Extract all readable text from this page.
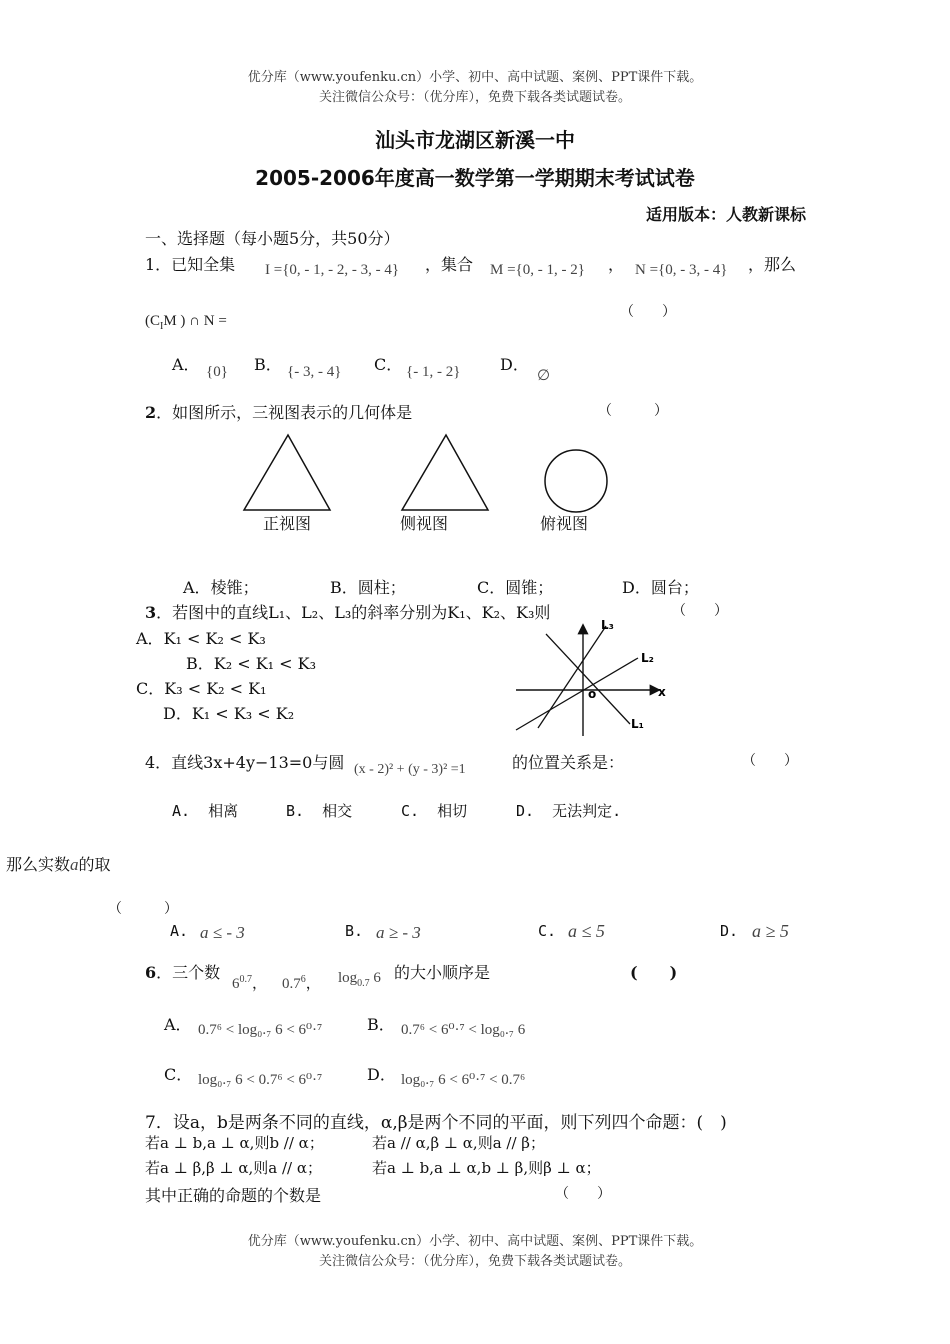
优分库（www.youfenku.cn）小学、初中、高中试题、案例、PPT课件下载。
关注微信公众号：（优分库），免费下载各类试题试卷。
汕头市龙湖区新溪一中
2005-2006年度高一数学第一学期期末考试试卷
适用版本：人教新课标
一、选择题（每小题5分，共50分）
1．已知全集 I ={0, - 1, - 2, - 3, - 4} ，集合 M ={0, - 1, - 2} ， N ={0, - 3, - 4} ，那么
($C_IM$ ) ∩ N =
（　　）
A． {0} B． {- 3, - 4} C． {- 1, - 2} D．
∅
2．如图所示，三视图表示的几何体是	（　　　）
正视图	侧视图	俯视图
A．棱锥；	B．圆柱；	C．圆锥；	D．圆台；
3．若图中的直线L₁、L₂、L₃的斜率分别为K₁、K₂、K₃则	（　　）
A．K₁ < K₂ < K₃
B．K₂ < K₁ < K₃
C．K₃ < K₂ < K₁
D．K₁ < K₃ < K₂
L₃
L₂
x
o
L₁
4．直线3x+4y−13=0与圆 (x - 2)² + (y - 3)² =1	的位置关系是：	（　　）
A. 相离	B. 相交	C. 相切	D. 无法判定.
那么实数a的取
（　　　）
A. a ≤ - 3	B. a ≥ - 3	C. a ≤ 5	D. a ≥ 5
6．三个数
$6^{0.7}$， $0.7^6$， $\log_{0.7} 6$ 的大小顺序是	(　　)
A． 0.7⁶ < log₀.₇ 6 < 6⁰·⁷	B． 0.7⁶ < 6⁰·⁷ < log₀.₇ 6
C． log₀.₇ 6 < 0.7⁶ < 6⁰·⁷	D． log₀.₇ 6 < 6⁰·⁷ < 0.7⁶
7．设a，b是两条不同的直线，α,β是两个不同的平面，则下列四个命题：(　)
若a ⊥ b,a ⊥ α,则b // α；	若a // α,β ⊥ α,则a // β；
若a ⊥ β,β ⊥ α,则a // α；	若a ⊥ b,a ⊥ α,b ⊥ β,则β ⊥ α；
其中正确的命题的个数是	（　　）
优分库（www.youfenku.cn）小学、初中、高中试题、案例、PPT课件下载。
关注微信公众号：（优分库），免费下载各类试题试卷。
